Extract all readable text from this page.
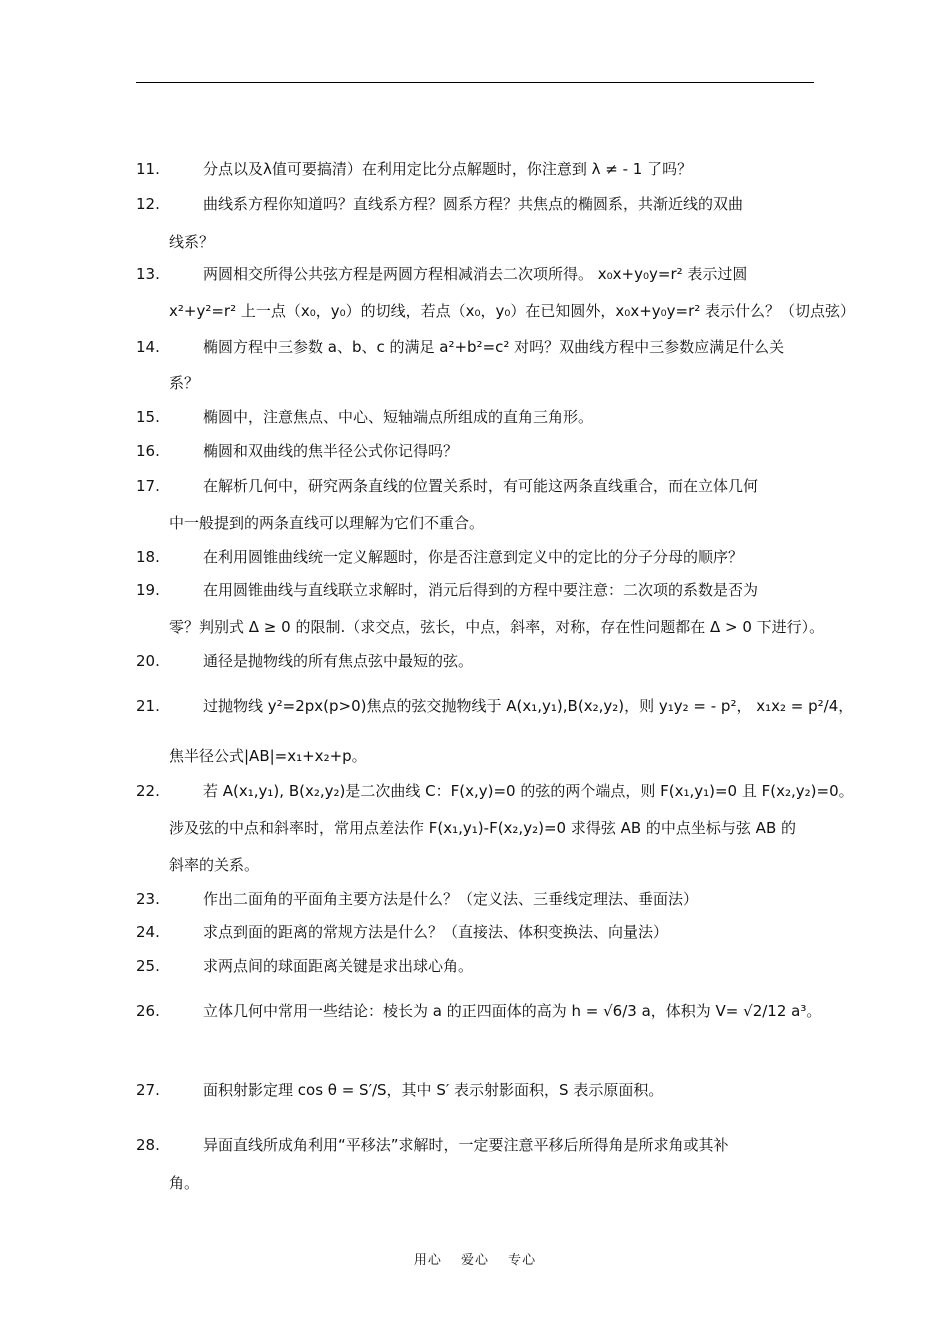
11.	分点以及λ值可要搞清）在利用定比分点解题时，你注意到 λ ≠ - 1 了吗？
12.	曲线系方程你知道吗？直线系方程？圆系方程？共焦点的椭圆系，共渐近线的双曲
线系？
13.	两圆相交所得公共弦方程是两圆方程相减消去二次项所得。 x₀x+y₀y=r² 表示过圆
x²+y²=r² 上一点（x₀，y₀）的切线，若点（x₀，y₀）在已知圆外，x₀x+y₀y=r² 表示什么？（切点弦）
14.	椭圆方程中三参数 a、b、c 的满足 a²+b²=c² 对吗？双曲线方程中三参数应满足什么关
系？
15.	椭圆中，注意焦点、中心、短轴端点所组成的直角三角形。
16.	椭圆和双曲线的焦半径公式你记得吗？
17.	在解析几何中，研究两条直线的位置关系时，有可能这两条直线重合，而在立体几何
中一般提到的两条直线可以理解为它们不重合。
18.	在利用圆锥曲线统一定义解题时，你是否注意到定义中的定比的分子分母的顺序？
19.	在用圆锥曲线与直线联立求解时，消元后得到的方程中要注意：二次项的系数是否为
零？判别式 Δ ≥ 0 的限制.（求交点，弦长，中点，斜率，对称，存在性问题都在 Δ > 0 下进行）。
20.	通径是抛物线的所有焦点弦中最短的弦。
21.	过抛物线 y²=2px(p>0)焦点的弦交抛物线于 A(x₁,y₁),B(x₂,y₂)，则 y₁y₂ = - p²， x₁x₂ = p²/4，
焦半径公式|AB|=x₁+x₂+p。
22.	若 A(x₁,y₁), B(x₂,y₂)是二次曲线 C：F(x,y)=0 的弦的两个端点，则 F(x₁,y₁)=0 且 F(x₂,y₂)=0。
涉及弦的中点和斜率时，常用点差法作 F(x₁,y₁)-F(x₂,y₂)=0 求得弦 AB 的中点坐标与弦 AB 的
斜率的关系。
23.	作出二面角的平面角主要方法是什么？（定义法、三垂线定理法、垂面法）
24.	求点到面的距离的常规方法是什么？（直接法、体积变换法、向量法）
25.	求两点间的球面距离关键是求出球心角。
26.	立体几何中常用一些结论：棱长为 a 的正四面体的高为 h = √6/3 a，体积为 V= √2/12 a³。
27.	面积射影定理 cos θ = S′/S，其中 S′ 表示射影面积，S 表示原面积。
28.	异面直线所成角利用“平移法”求解时，一定要注意平移后所得角是所求角或其补
角。
用心 爱心 专心
